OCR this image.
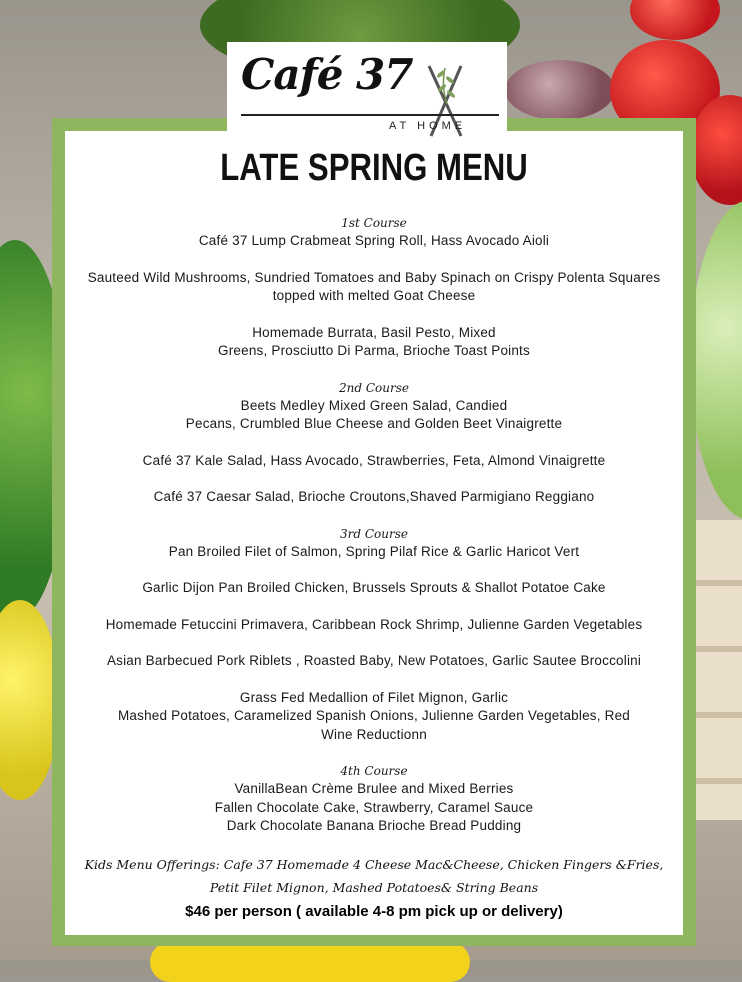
Café 37
AT HOME
LATE SPRING MENU

1st Course

Café 37 Lump Crabmeat Spring Roll, Hass Avocado Aioli

Sauteed Wild Mushrooms, Sundried Tomatoes and Baby Spinach on Crispy Polenta Squares

topped with melted Goat Cheese

Homemade Burrata, Basil Pesto, Mixed

Greens, Prosciutto Di Parma, Brioche Toast Points

2nd Course

Beets Medley Mixed Green Salad, Candied

Pecans, Crumbled Blue Cheese and Golden Beet Vinaigrette

Café 37 Kale Salad, Hass Avocado, Strawberries, Feta, Almond Vinaigrette

Café 37 Caesar Salad, Brioche Croutons,Shaved Parmigiano Reggiano

3rd Course

Pan Broiled Filet of Salmon, Spring Pilaf Rice & Garlic Haricot Vert

Garlic Dijon Pan Broiled Chicken, Brussels Sprouts & Shallot Potatoe Cake

Homemade Fetuccini Primavera, Caribbean Rock Shrimp, Julienne Garden Vegetables

Asian Barbecued Pork Riblets , Roasted Baby, New Potatoes, Garlic Sautee Broccolini

Grass Fed Medallion of Filet Mignon, Garlic

Mashed Potatoes, Caramelized Spanish Onions, Julienne Garden Vegetables, Red

Wine Reductionn

4th Course

VanillaBean Crème Brulee and Mixed Berries

Fallen Chocolate Cake, Strawberry, Caramel Sauce

Dark Chocolate Banana Brioche Bread Pudding

Kids Menu Offerings: Cafe 37 Homemade 4 Cheese Mac&Cheese, Chicken Fingers &Fries,
Petit Filet Mignon, Mashed Potatoes& String Beans
$46 per person ( available 4-8 pm pick up or delivery)
